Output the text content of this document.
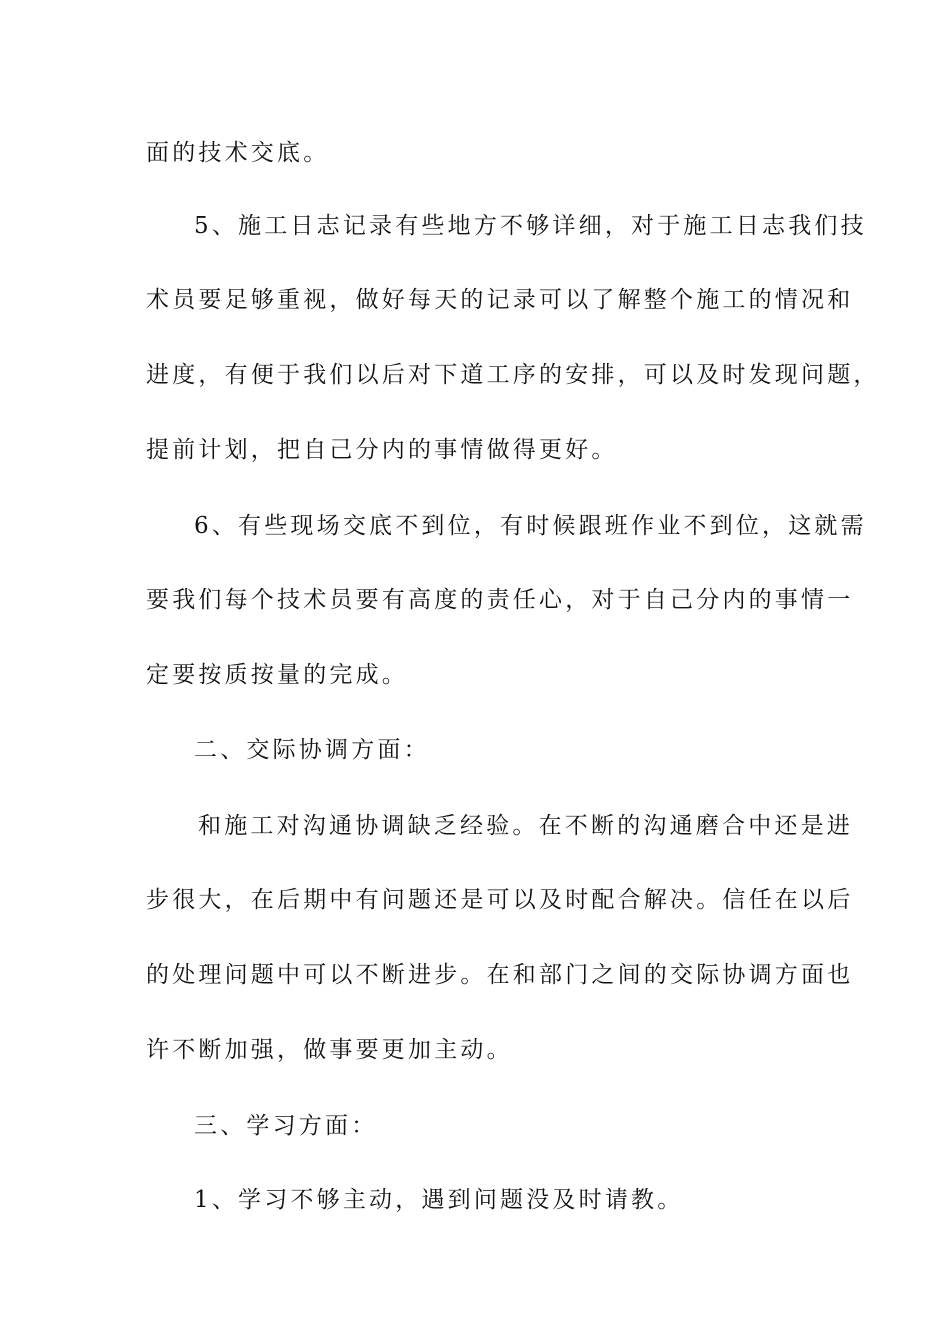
面的技术交底。
5、施工日志记录有些地方不够详细，对于施工日志我们技
术员要足够重视，做好每天的记录可以了解整个施工的情况和
进度，有便于我们以后对下道工序的安排，可以及时发现问题，
提前计划，把自己分内的事情做得更好。
6、有些现场交底不到位，有时候跟班作业不到位，这就需
要我们每个技术员要有高度的责任心，对于自己分内的事情一
定要按质按量的完成。
二、交际协调方面：
和施工对沟通协调缺乏经验。在不断的沟通磨合中还是进
步很大，在后期中有问题还是可以及时配合解决。信任在以后
的处理问题中可以不断进步。在和部门之间的交际协调方面也
许不断加强，做事要更加主动。
三、学习方面：
1、学习不够主动，遇到问题没及时请教。
